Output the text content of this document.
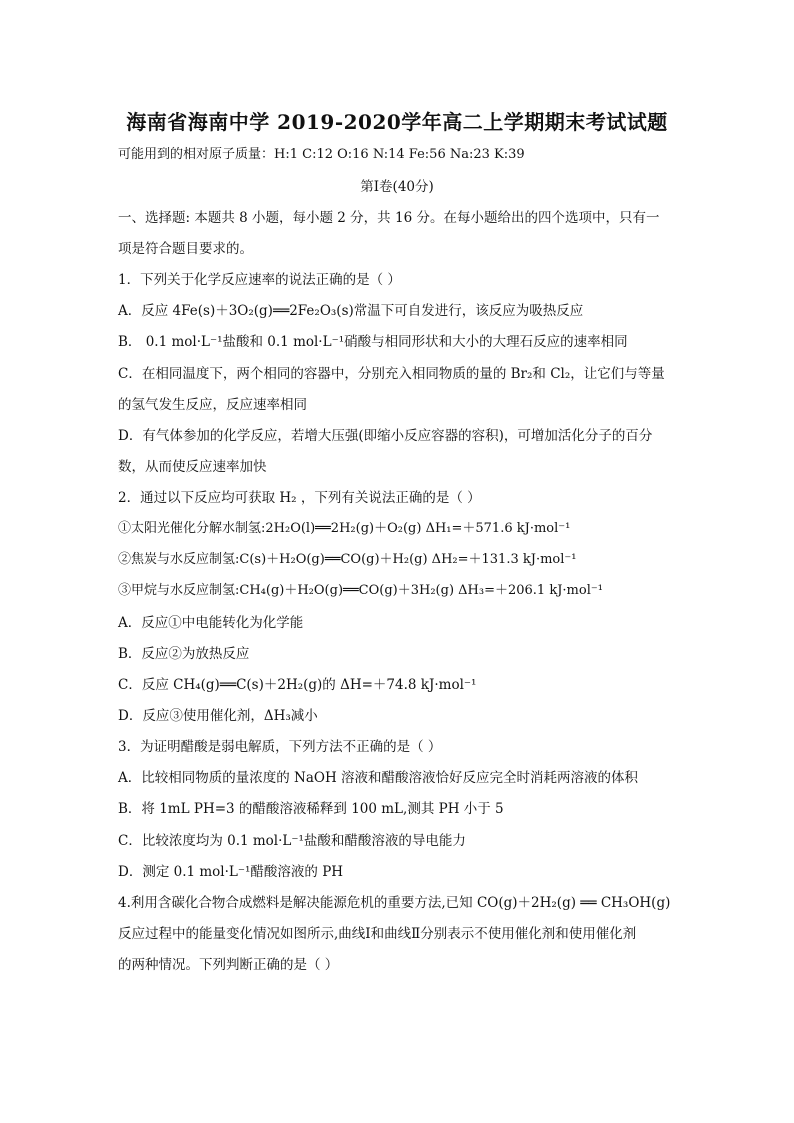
海南省海南中学 2019-2020学年高二上学期期末考试试题
可能用到的相对原子质量：H:1 C:12 O:16 N:14 Fe:56 Na:23 K:39
第Ⅰ卷(40分)
一、选择题: 本题共 8 小题，每小题 2 分，共 16 分。在每小题给出的四个选项中，只有一
项是符合题目要求的。
1．下列关于化学反应速率的说法正确的是（ ）
A．反应 4Fe(s)＋3O₂(g)══2Fe₂O₃(s)常温下可自发进行，该反应为吸热反应
B． 0.1 mol·L⁻¹盐酸和 0.1 mol·L⁻¹硝酸与相同形状和大小的大理石反应的速率相同
C．在相同温度下，两个相同的容器中，分别充入相同物质的量的 Br₂和 Cl₂，让它们与等量
的氢气发生反应，反应速率相同
D．有气体参加的化学反应，若增大压强(即缩小反应容器的容积)，可增加活化分子的百分
数，从而使反应速率加快
2．通过以下反应均可获取 H₂ ，下列有关说法正确的是（ ）
①太阳光催化分解水制氢:2H₂O(l)══2H₂(g)＋O₂(g) ΔH₁=＋571.6 kJ·mol⁻¹
②焦炭与水反应制氢:C(s)＋H₂O(g)══CO(g)＋H₂(g) ΔH₂=＋131.3 kJ·mol⁻¹
③甲烷与水反应制氢:CH₄(g)＋H₂O(g)══CO(g)＋3H₂(g) ΔH₃=＋206.1 kJ·mol⁻¹
A．反应①中电能转化为化学能
B．反应②为放热反应
C．反应 CH₄(g)══C(s)＋2H₂(g)的 ΔH=＋74.8 kJ·mol⁻¹
D．反应③使用催化剂，ΔH₃减小
3．为证明醋酸是弱电解质，下列方法不正确的是（ ）
A．比较相同物质的量浓度的 NaOH 溶液和醋酸溶液恰好反应完全时消耗两溶液的体积
B．将 1mL PH=3 的醋酸溶液稀释到 100 mL,测其 PH 小于 5
C．比较浓度均为 0.1 mol·L⁻¹盐酸和醋酸溶液的导电能力
D．测定 0.1 mol·L⁻¹醋酸溶液的 PH
4.利用含碳化合物合成燃料是解决能源危机的重要方法,已知 CO(g)＋2H₂(g) ══ CH₃OH(g)
反应过程中的能量变化情况如图所示,曲线Ⅰ和曲线Ⅱ分别表示不使用催化剂和使用催化剂
的两种情况。下列判断正确的是（ ）
